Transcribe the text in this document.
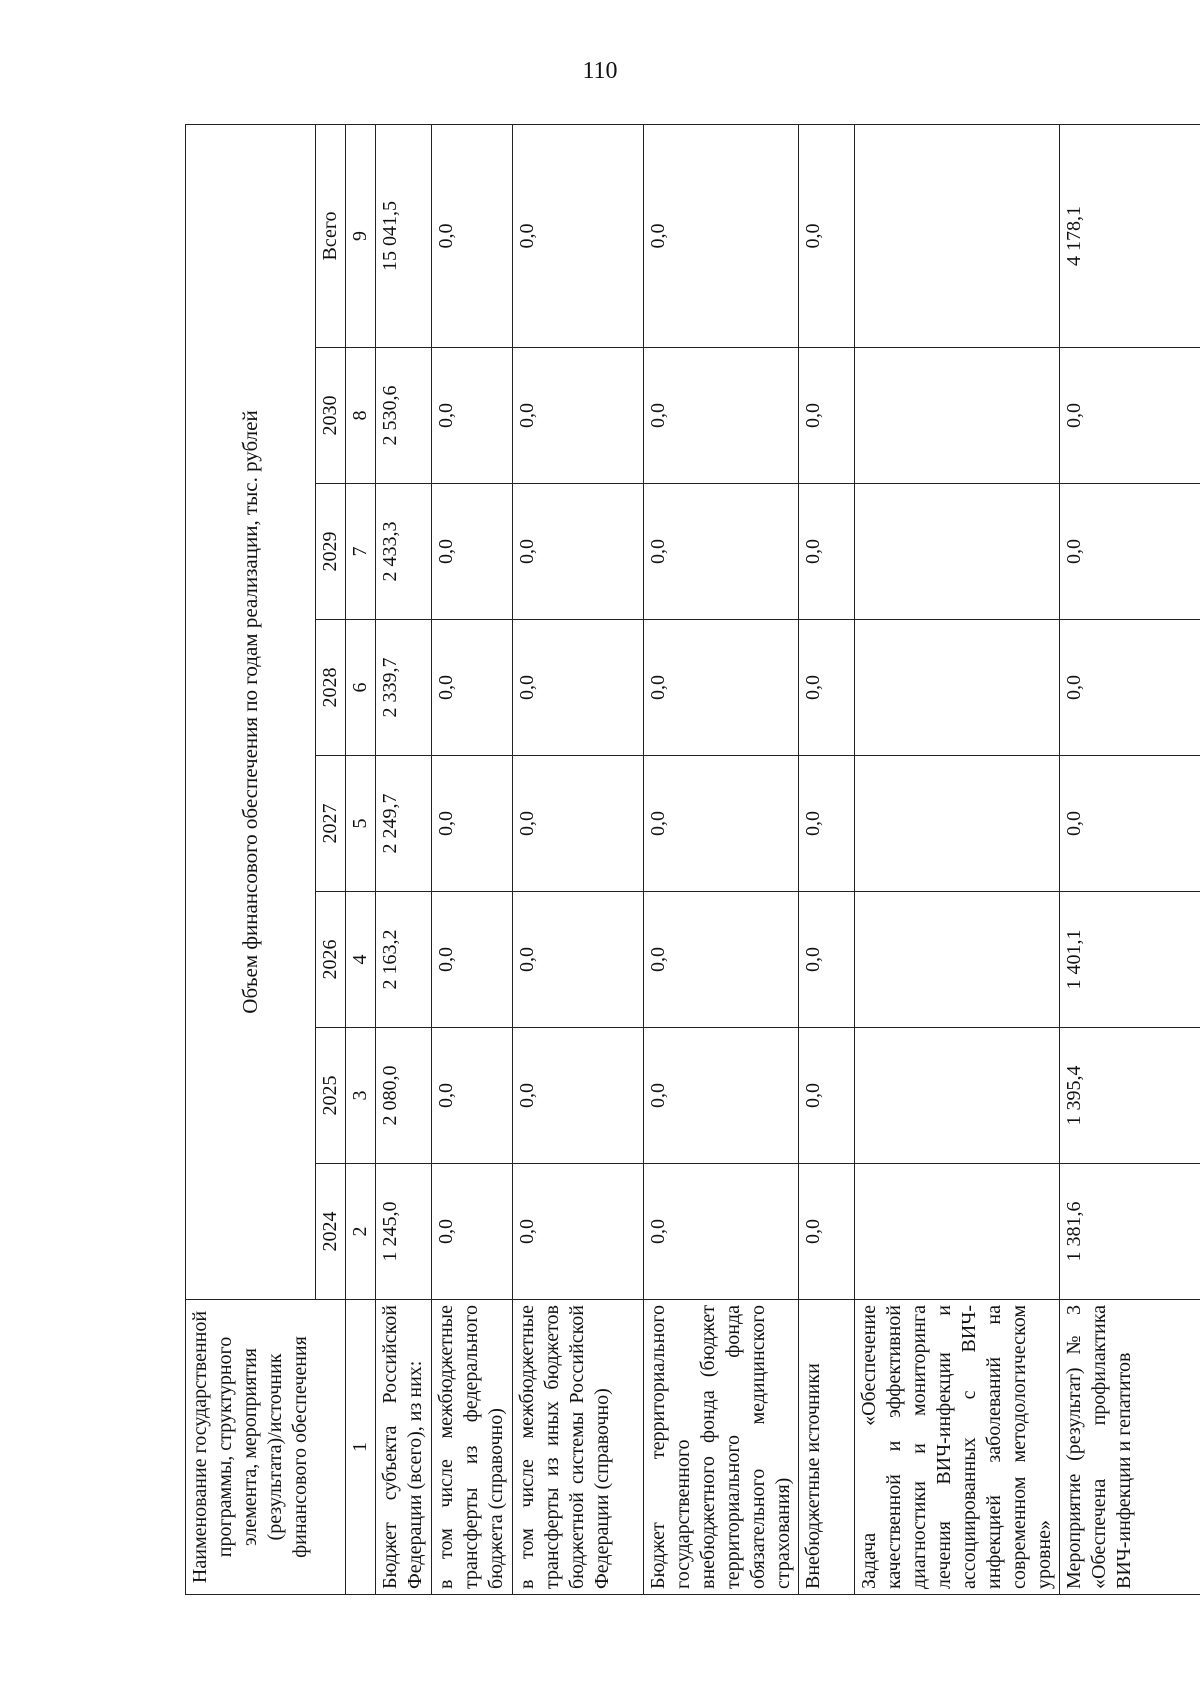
110
Наименование государственной программы, структурного элемента, мероприятия (результата)/источник финансового обеспечения	Объем финансового обеспечения по годам реализации, тыс. рублей							
	2024	2025	2026	2027	2028	2029	2030	Всего
1	2	3	4	5	6	7	8	9
Бюджет субъекта Российской Федерации (всего), из них:	1 245,0	2 080,0	2 163,2	2 249,7	2 339,7	2 433,3	2 530,6	15 041,5
в том числе межбюджетные трансферты из федерального бюджета (справочно)	0,0	0,0	0,0	0,0	0,0	0,0	0,0	0,0
в том числе межбюджетные трансферты из иных бюджетов бюджетной системы Российской Федерации (справочно)	0,0	0,0	0,0	0,0	0,0	0,0	0,0	0,0
Бюджет территориального государственного внебюджетного фонда (бюджет территориального фонда обязательного медицинского страхования)	0,0	0,0	0,0	0,0	0,0	0,0	0,0	0,0
Внебюджетные источники	0,0	0,0	0,0	0,0	0,0	0,0	0,0	0,0
Задача «Обеспечение качественной и эффективной диагностики и мониторинга лечения ВИЧ-инфекции и ассоциированных с ВИЧ-инфекцией заболеваний на современном методологическом уровне»								
Мероприятие (результат) № 3 «Обеспечена профилактика ВИЧ-инфекции и гепатитов	1 381,6	1 395,4	1 401,1	0,0	0,0	0,0	0,0	4 178,1
